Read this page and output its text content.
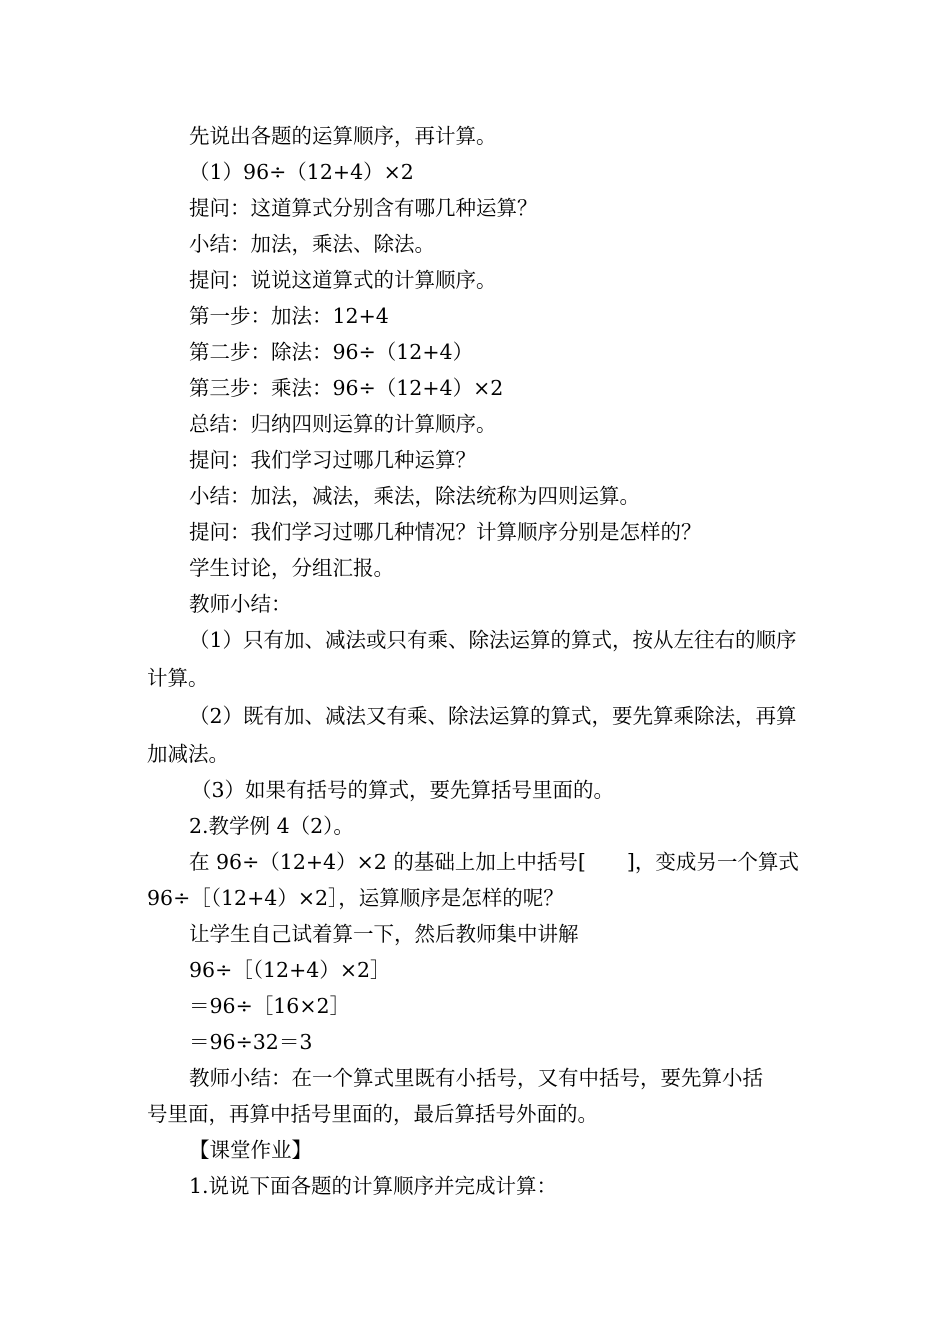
先说出各题的运算顺序，再计算。
（1）96÷（12+4）×2
提问：这道算式分别含有哪几种运算？
小结：加法，乘法、除法。
提问：说说这道算式的计算顺序。
第一步：加法：12+4
第二步：除法：96÷（12+4）
第三步：乘法：96÷（12+4）×2
总结：归纳四则运算的计算顺序。
提问：我们学习过哪几种运算？
小结：加法，减法，乘法，除法统称为四则运算。
提问：我们学习过哪几种情况？计算顺序分别是怎样的？
学生讨论，分组汇报。
教师小结：
（1）只有加、减法或只有乘、除法运算的算式，按从左往右的顺序
计算。
（2）既有加、减法又有乘、除法运算的算式，要先算乘除法，再算
加减法。
（3）如果有括号的算式，要先算括号里面的。
2.教学例 4（2）。
在 96÷（12+4）×2 的基础上加上中括号[　　]，变成另一个算式
96÷［（12+4）×2］，运算顺序是怎样的呢？
让学生自己试着算一下，然后教师集中讲解
96÷［（12+4）×2］
＝96÷［16×2］
＝96÷32＝3
教师小结：在一个算式里既有小括号，又有中括号，要先算小括
号里面，再算中括号里面的，最后算括号外面的。
【课堂作业】
1.说说下面各题的计算顺序并完成计算：
